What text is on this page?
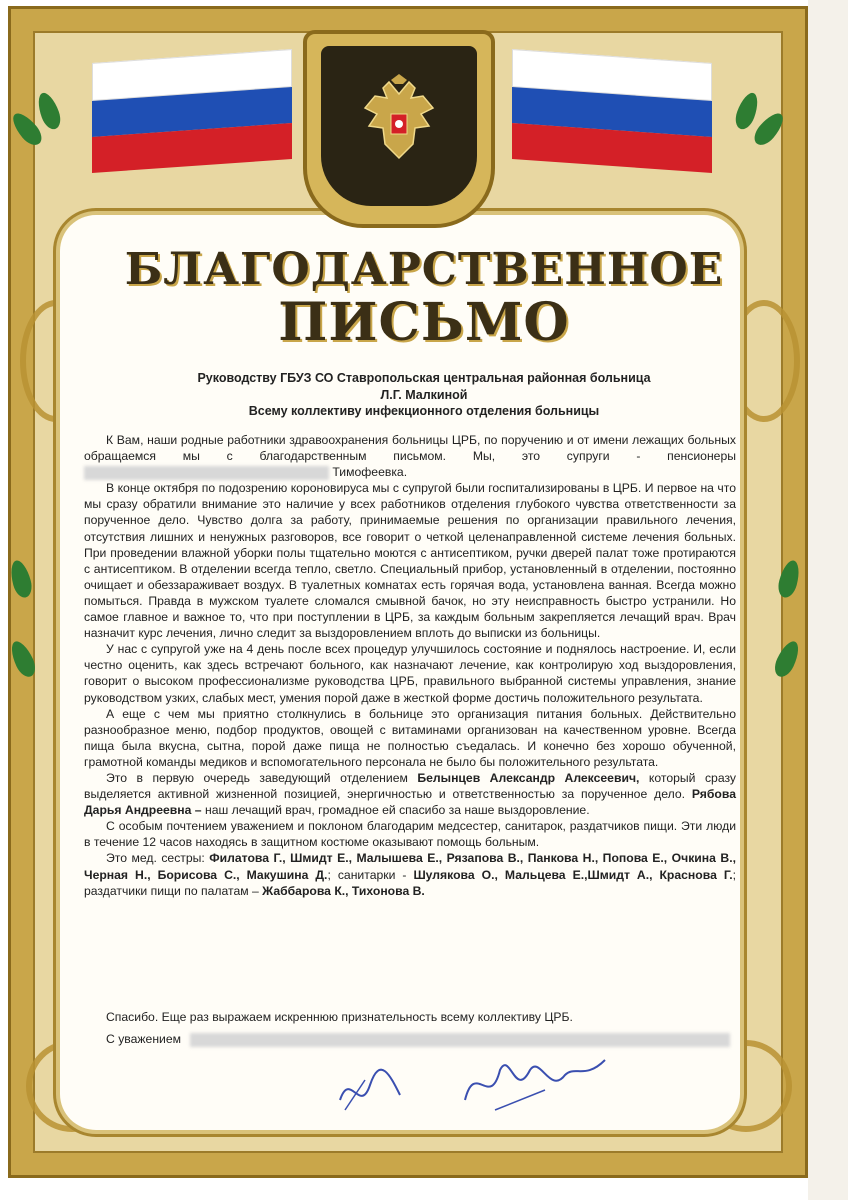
БЛАГОДАРСТВЕННОЕ
ПИСЬМО
Руководству ГБУЗ СО Ставропольская центральная районная больница
Л.Г. Малкиной
Всему коллективу инфекционного отделения больницы

К Вам, наши родные работники здравоохранения больницы ЦРБ, по поручению и от имени лежащих больных обращаемся мы с благодарственным письмом. Мы, это супруги - пенсионеры  Тимофеевка.

В конце октября по подозрению короновируса мы с супругой были госпитализированы в ЦРБ. И первое на что мы сразу обратили внимание это наличие у всех работников отделения глубокого чувства ответственности за порученное дело. Чувство долга за работу, принимаемые решения по организации правильного лечения, отсутствия лишних и ненужных разговоров, все говорит о четкой целенаправленной системе лечения больных. При проведении влажной уборки полы тщательно моются с антисептиком, ручки дверей палат тоже протираются с антисептиком. В отделении всегда тепло, светло. Специальный прибор, установленный в отделении, постоянно очищает и обеззараживает воздух. В туалетных комнатах есть горячая вода, установлена ванная. Всегда можно помыться. Правда в мужском туалете сломался смывной бачок, но эту неисправность быстро устранили. Но самое главное и важное то, что при поступлении в ЦРБ, за каждым больным закрепляется лечащий врач. Врач назначит курс лечения, лично следит за выздоровлением вплоть до выписки из больницы.

У нас с супругой уже на 4 день после всех процедур улучшилось состояние и поднялось настроение. И, если честно оценить, как здесь встречают больного, как назначают лечение, как контролирую ход выздоровления, говорит о высоком профессионализме руководства ЦРБ, правильного выбранной системы управления, знание руководством узких, слабых мест, умения порой даже в жесткой форме достичь положительного результата.

А еще с чем мы приятно столкнулись в больнице это организация питания больных. Действительно разнообразное меню, подбор продуктов, овощей с витаминами организован на качественном уровне. Всегда пища была вкусна, сытна, порой даже пища не полностью съедалась. И конечно без хорошо обученной, грамотной команды медиков и вспомогательного персонала не было бы положительного результата.

Это в первую очередь заведующий отделением Белынцев Александр Алексеевич, который сразу выделяется активной жизненной позицией, энергичностью и ответственностью за порученное дело. Рябова Дарья Андреевна – наш лечащий врач, громадное ей спасибо за наше выздоровление.

С особым почтением уважением и поклоном благодарим медсестер, санитарок, раздатчиков пищи. Эти люди в течение 12 часов находясь в защитном костюме оказывают помощь больным.

Это мед. сестры: Филатова Г., Шмидт Е., Малышева Е., Рязапова В., Панкова Н., Попова Е., Очкина В., Черная Н., Борисова С., Макушина Д.; санитарки - Шулякова О., Мальцева Е.,Шмидт А., Краснова Г.; раздатчики пищи по палатам – Жаббарова К., Тихонова В.

Спасибо. Еще раз выражаем искреннюю признательность всему коллективу ЦРБ.
С уважением
